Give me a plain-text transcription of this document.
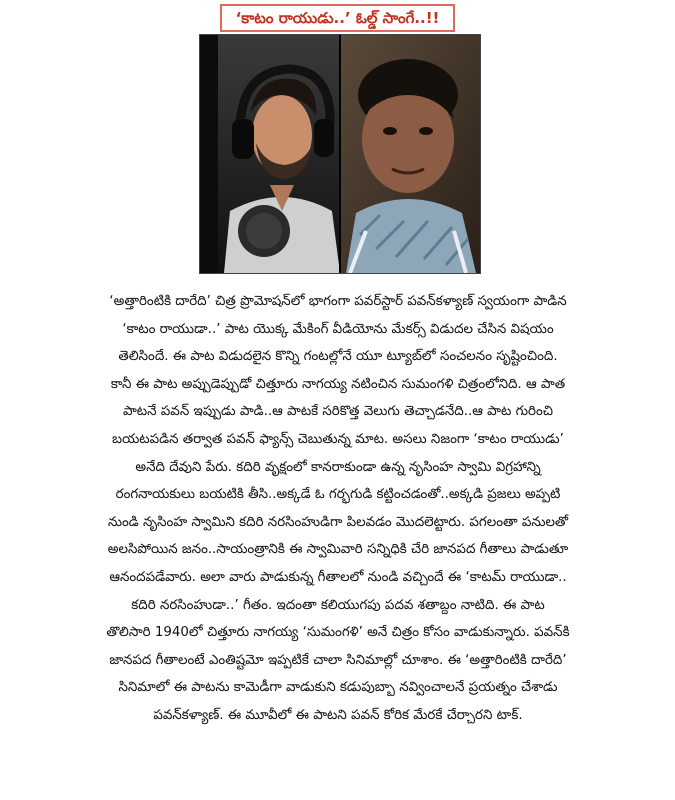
‘కాటం రాయుడు..’ ఓల్డ్ సాంగే..!!
‘అత్తారింటికి దారేది’ చిత్ర ప్రొమోషన్‌లో భాగంగా పవర్‌స్టార్ పవన్‌కళ్యాణ్ స్వయంగా పాడిన
‘కాటం రాయుడా..’ పాట యొక్క మేకింగ్ వీడియోను మేకర్స్ విడుదల చేసిన విషయం
తెలిసిందే. ఈ పాట విడుదలైన కొన్ని గంటల్లోనే యూ ట్యూబ్‌లో సంచలనం సృష్టించింది.
కానీ ఈ పాట అప్పుడెప్పుడో చిత్తూరు నాగయ్య నటించిన సుమంగళి చిత్రంలోనిది. ఆ పాత
పాటనే పవన్ ఇప్పుడు పాడి..ఆ పాటకే సరికొత్త వెలుగు తెచ్చాడనేది..ఆ పాట గురించి
బయటపడిన తర్వాత పవన్ ఫ్యాన్స్ చెబుతున్న మాట. అసలు నిజంగా ‘కాటం రాయుడు’
అనేది దేవుని పేరు. కదిరి వృక్షంలో కానరాకుండా ఉన్న నృసింహ స్వామి విగ్రహాన్ని
రంగనాయకులు బయటికి తీసి..అక్కడే ఓ గర్భగుడి కట్టించడంతో..అక్కడి ప్రజలు అప్పటి
నుండి నృసింహ స్వామిని కదిరి నరసింహుడిగా పిలవడం మొదలెట్టారు. పగలంతా పనులతో
అలసిపోయిన జనం..సాయంత్రానికి ఈ స్వామివారి సన్నిధికి చేరి జానపద గీతాలు పాడుతూ
ఆనందపడేవారు. అలా వారు పాడుకున్న గీతాలలో నుండి వచ్చిందే ఈ ‘కాటమ్ రాయుడా..
కదిరి నరసింహుడా..’ గీతం. ఇదంతా కలియుగపు పదవ శతాబ్దం నాటిది. ఈ పాట
తొలిసారి 1940లో చిత్తూరు నాగయ్య ‘సుమంగళి’ అనే చిత్రం కోసం వాడుకున్నారు. పవన్‌కి
జానపద గీతాలంటే ఎంతిష్టమో ఇప్పటికే చాలా సినిమాల్లో చూశాం. ఈ ‘అత్తారింటికి దారేది’
సినిమాలో ఈ పాటను కామెడీగా వాడుకుని కడుపుబ్బా నవ్వించాలనే ప్రయత్నం చేశాడు
పవన్‌కళ్యాణ్. ఈ మూవీలో ఈ పాటని పవన్ కోరిక మేరకే చేర్చారని టాక్.
